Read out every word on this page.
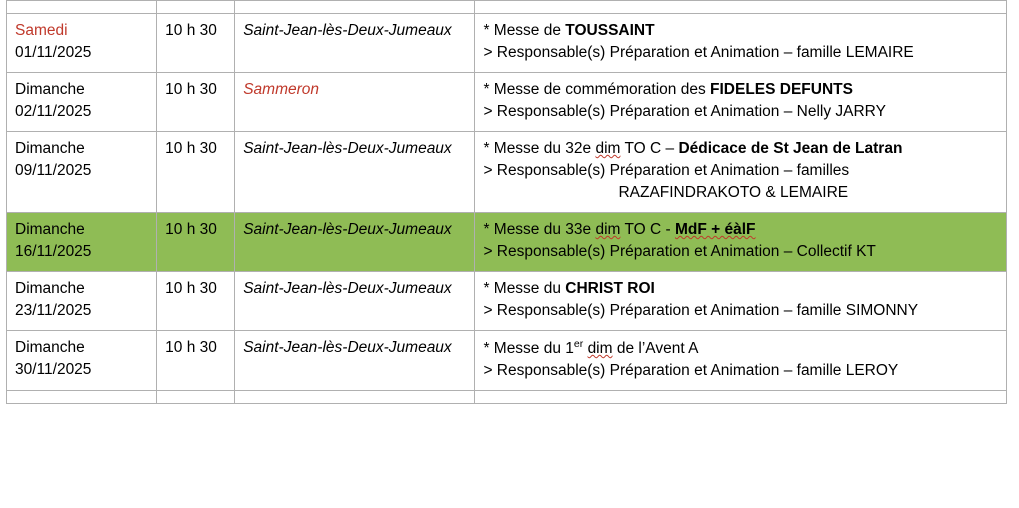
Samedi
01/11/2025	10 h 30	Saint-Jean-lès-Deux-Jumeaux	* Messe de TOUSSAINT
> Responsable(s) Préparation et Animation – famille LEMAIRE

Dimanche
02/11/2025	10 h 30	Sammeron	* Messe de commémoration des FIDELES DEFUNTS
> Responsable(s) Préparation et Animation – Nelly JARRY

Dimanche
09/11/2025	10 h 30	Saint-Jean-lès-Deux-Jumeaux	* Messe du 32e dim TO C – Dédicace de St Jean de Latran
> Responsable(s) Préparation et Animation – familles
RAZAFINDRAKOTO & LEMAIRE

Dimanche
16/11/2025	10 h 30	Saint-Jean-lès-Deux-Jumeaux	* Messe du 33e dim TO C - MdF + éàlF
> Responsable(s) Préparation et Animation – Collectif KT

Dimanche
23/11/2025	10 h 30	Saint-Jean-lès-Deux-Jumeaux	* Messe du CHRIST ROI
> Responsable(s) Préparation et Animation – famille SIMONNY

Dimanche
30/11/2025	10 h 30	Saint-Jean-lès-Deux-Jumeaux	* Messe du 1er dim de l’Avent A
> Responsable(s) Préparation et Animation – famille LEROY
